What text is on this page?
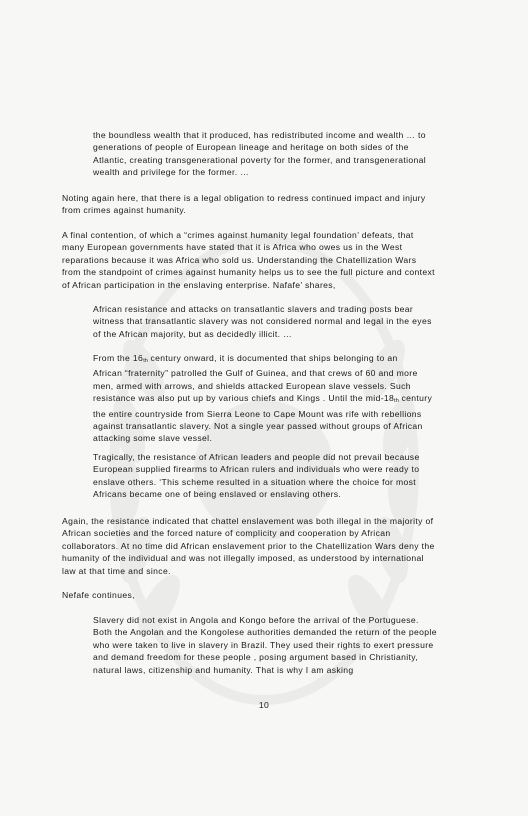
the boundless wealth that it produced, has redistributed income and wealth … to
generations of people of European lineage and heritage on both sides of the
Atlantic, creating transgenerational poverty for the former, and transgenerational
wealth and privilege for the former. …
Noting again here, that there is a legal obligation to redress continued impact and injury
from crimes against humanity.
A final contention, of which a “crimes against humanity legal foundation’ defeats, that
many European governments have stated that it is Africa who owes us in the West
reparations because it was Africa who sold us. Understanding the Chatellization Wars
from the standpoint of crimes against humanity helps us to see the full picture and context
of African participation in the enslaving enterprise. Nafafe’ shares,
African resistance and attacks on transatlantic slavers and trading posts bear
witness that transatlantic slavery was not considered normal and legal in the eyes
of the African majority, but as decidedly illicit. …
From the 16th century onward, it is documented that ships belonging to an
African “fraternity” patrolled the Gulf of Guinea, and that crews of 60 and more
men, armed with arrows, and shields attacked European slave vessels. Such
resistance was also put up by various chiefs and Kings . Until the mid-18th century
the entire countryside from Sierra Leone to Cape Mount was rife with rebellions
against transatlantic slavery. Not a single year passed without groups of African
attacking some slave vessel.
Tragically, the resistance of African leaders and people did not prevail because
European supplied firearms to African rulers and individuals who were ready to
enslave others. ‘This scheme resulted in a situation where the choice for most
Africans became one of being enslaved or enslaving others.
Again, the resistance indicated that chattel enslavement was both illegal in the majority of
African societies and the forced nature of complicity and cooperation by African
collaborators. At no time did African enslavement prior to the Chatellization Wars deny the
humanity of the individual and was not illegally imposed, as understood by international
law at that time and since.
Nefafe continues,
Slavery did not exist in Angola and Kongo before the arrival of the Portuguese.
Both the Angolan and the Kongolese authorities demanded the return of the people
who were taken to live in slavery in Brazil. They used their rights to exert pressure
and demand freedom for these people , posing argument based in Christianity,
natural laws, citizenship and humanity. That is why I am asking
10
